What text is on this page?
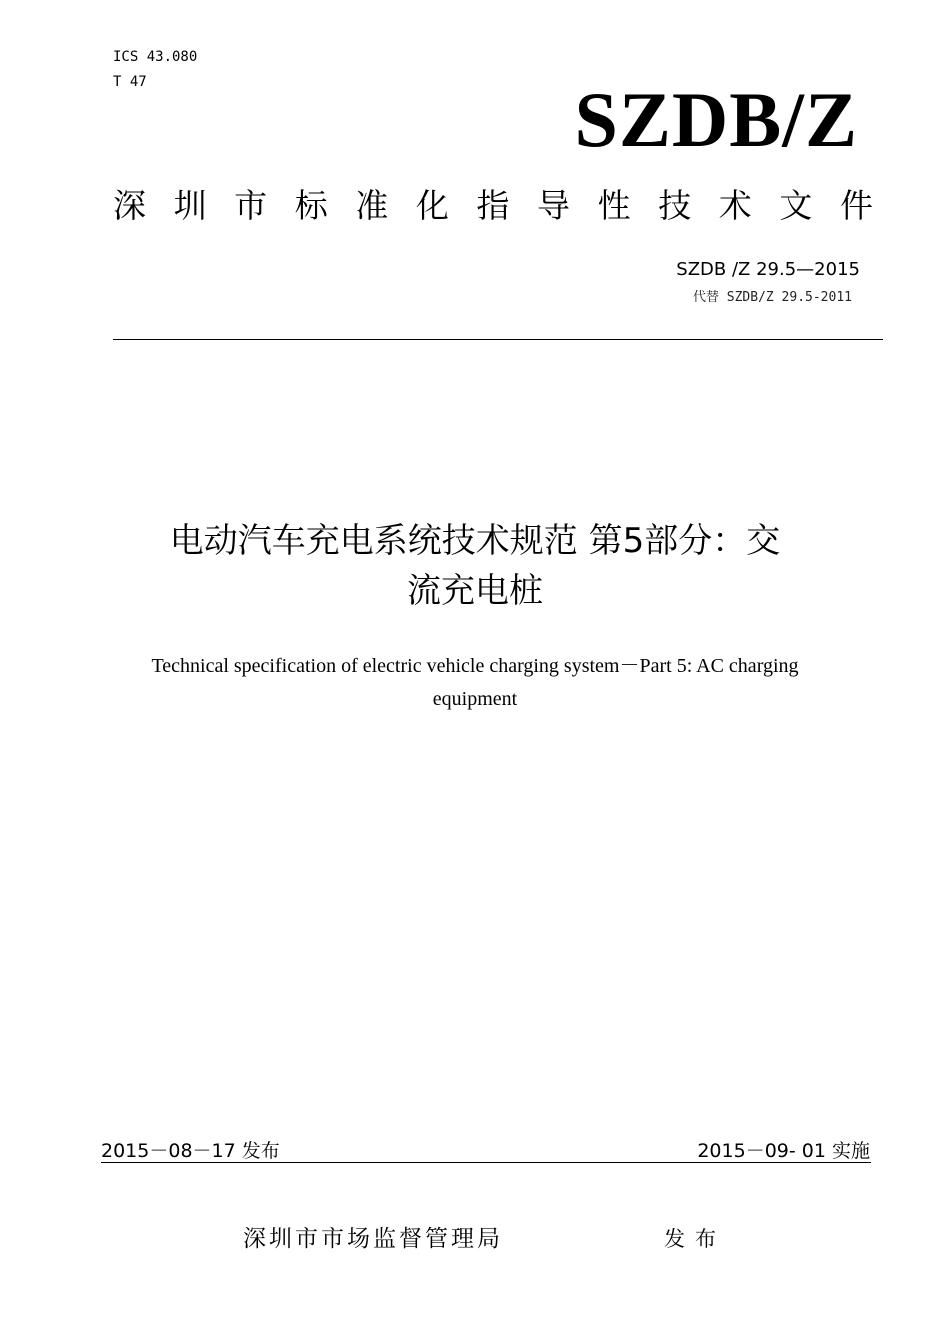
ICS 43.080
T 47	SZDB/Z
深 圳 市 标 准 化 指 导 性 技 术 文 件
SZDB /Z 29.5—2015
代替 SZDB/Z 29.5-2011
电动汽车充电系统技术规范 第5部分：交
流充电桩
Technical specification of electric vehicle charging system－Part 5: AC charging
equipment
2015－08－17 发布	2015－09- 01 实施
深圳市市场监督管理局	发布
